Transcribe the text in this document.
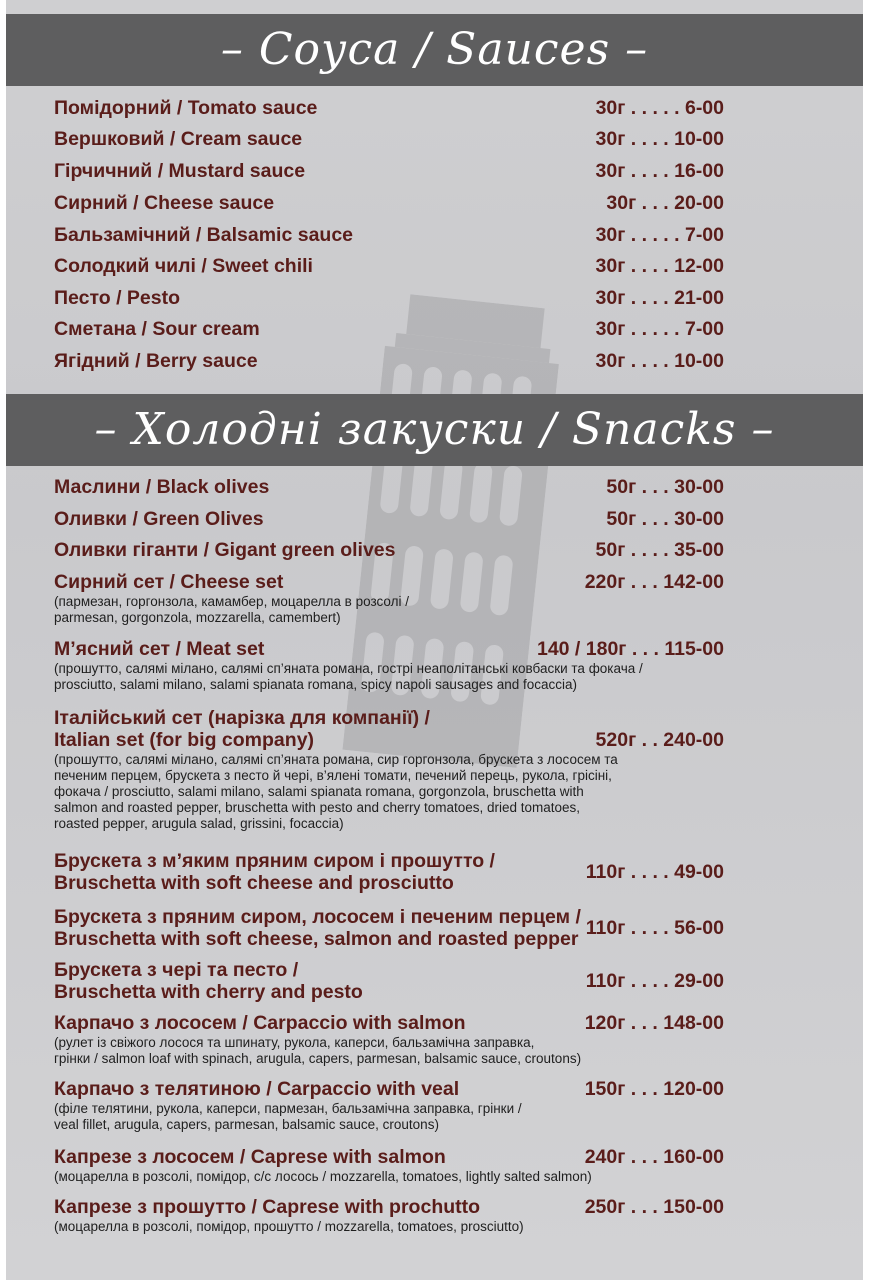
– Соуса / Sauces –
Помідорний / Tomato sauce	30г . . . . . 6-00
Вершковий / Cream sauce	30г . . . . 10-00
Гірчичний / Mustard sauce	30г . . . . 16-00
Сирний / Cheese sauce	30г . . . 20-00
Бальзамічний / Balsamic sauce	30г . . . . . 7-00
Солодкий чилі / Sweet chili	30г . . . . 12-00
Песто / Pesto	30г . . . . 21-00
Сметана / Sour cream	30г . . . . . 7-00
Ягідний / Berry sauce	30г . . . . 10-00
– Холодні закуски / Snacks –
Маслини / Black olives	50г . . . 30-00
Оливки / Green Olives	50г . . . 30-00
Оливки гіганти / Gigant green olives	50г . . . . 35-00
Сирний сет / Cheese set	220г . . . 142-00
(пармезан, горгонзола, камамбер, моцарелла в розсолі /
parmesan, gorgonzola, mozzarella, camembert)
М’ясний сет / Meat set	140 / 180г . . . 115-00
(прошутто, салямі мілано, салямі сп’яната романа, гострі неаполітанські ковбаски та фокача /
prosciutto, salami milano, salami spianata romana, spicy napoli sausages and focaccia)
Італійський сет (нарізка для компанії) /
Italian set (for big company)	520г . . 240-00
(прошутто, салямі мілано, салямі сп’яната романа, сир горгонзола, брускета з лососем та
печеним перцем, брускета з песто й чері, в’ялені томати, печений перець, рукола, грісіні,
фокача / prosciutto, salami milano, salami spianata romana, gorgonzola, bruschetta with
salmon and roasted pepper, bruschetta with pesto and cherry tomatoes, dried tomatoes,
roasted pepper, arugula salad, grissini, focaccia)
Брускета з м’яким пряним сиром і прошутто /
Bruschetta with soft cheese and prosciutto	110г . . . . 49-00
Брускета з пряним сиром, лососем і печеним перцем /
Bruschetta with soft cheese, salmon and roasted pepper 110г . . . . 56-00
Брускета з чері та песто /
Bruschetta with cherry and pesto	110г . . . . 29-00
Карпачо з лососем / Carpaccio with salmon	120г . . . 148-00
(рулет із свіжого лосося та шпинату, рукола, каперси, бальзамічна заправка,
грінки / salmon loaf with spinach, arugula, capers, parmesan, balsamic sauce, croutons)
Карпачо з телятиною / Carpaccio with veal	150г . . . 120-00
(філе телятини, рукола, каперси, пармезан, бальзамічна заправка, грінки /
veal fillet, arugula, capers, parmesan, balsamic sauce, croutons)
Капрезе з лососем / Caprese with salmon	240г . . . 160-00
(моцарелла в розсолі, помідор, с/с лосось / mozzarella, tomatoes, lightly salted salmon)
Капрезе з прошутто / Caprese with prochutto	250г . . . 150-00
(моцарелла в розсолі, помідор, прошутто / mozzarella, tomatoes, prosciutto)
